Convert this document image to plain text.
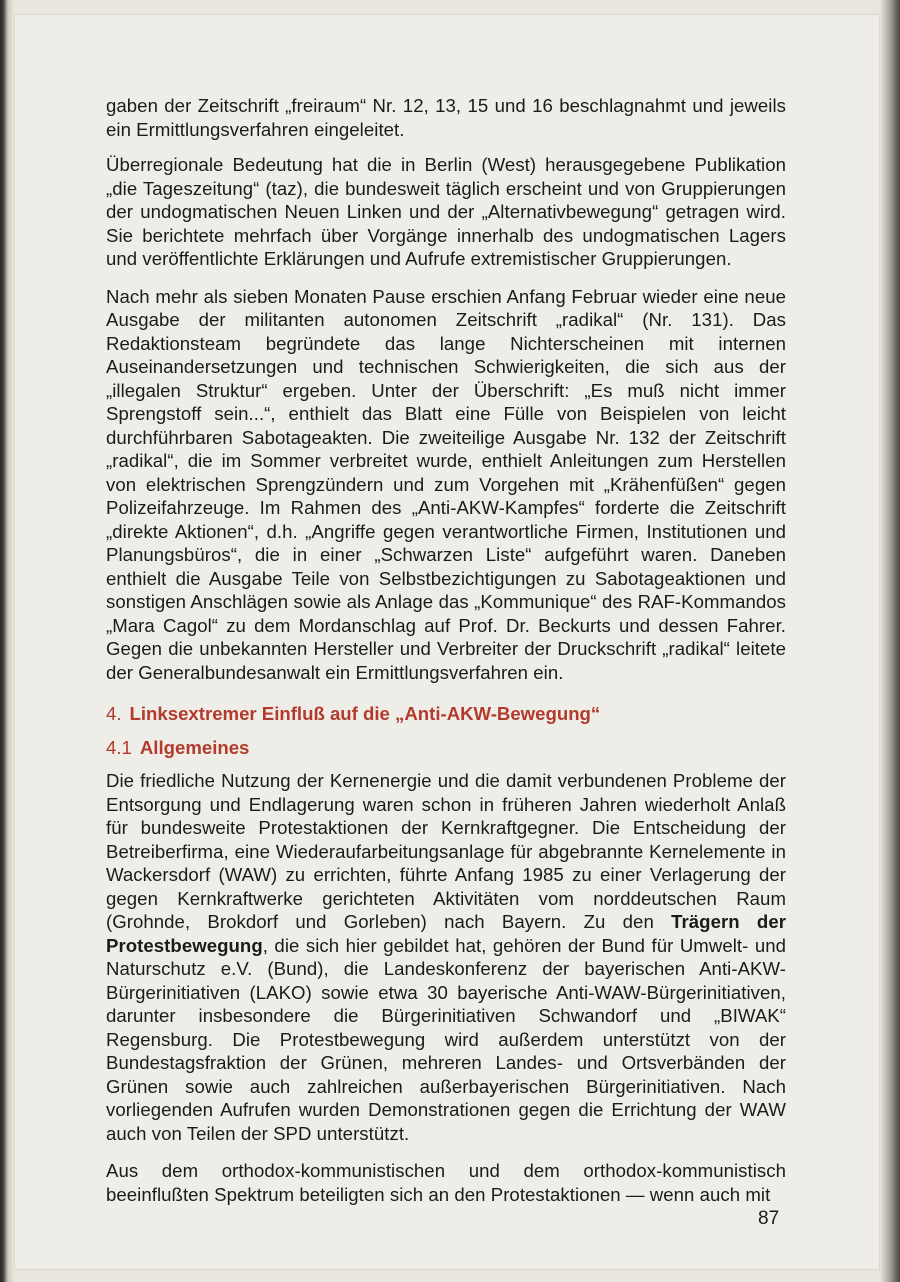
gaben der Zeitschrift „freiraum“ Nr. 12, 13, 15 und 16 beschlagnahmt und jeweils ein Ermittlungsverfahren eingeleitet.

Überregionale Bedeutung hat die in Berlin (West) herausgegebene Publikation „die Tageszeitung“ (taz), die bundesweit täglich erscheint und von Gruppierungen der undogmatischen Neuen Linken und der „Alternativbewegung“ getragen wird. Sie berichtete mehrfach über Vorgänge innerhalb des undogmatischen Lagers und veröffentlichte Erklärungen und Aufrufe extremistischer Gruppierungen.

Nach mehr als sieben Monaten Pause erschien Anfang Februar wieder eine neue Ausgabe der militanten autonomen Zeitschrift „radikal“ (Nr. 131). Das Redaktionsteam begründete das lange Nichterscheinen mit internen Auseinandersetzungen und technischen Schwierigkeiten, die sich aus der „illegalen Struktur“ ergeben. Unter der Überschrift: „Es muß nicht immer Sprengstoff sein...“, enthielt das Blatt eine Fülle von Beispielen von leicht durchführbaren Sabotageakten. Die zweiteilige Ausgabe Nr. 132 der Zeitschrift „radikal“, die im Sommer verbreitet wurde, enthielt Anleitungen zum Herstellen von elektrischen Sprengzündern und zum Vorgehen mit „Krähenfüßen“ gegen Polizeifahrzeuge. Im Rahmen des „Anti-AKW-Kampfes“ forderte die Zeitschrift „direkte Aktionen“, d.h. „Angriffe gegen verantwortliche Firmen, Institutionen und Planungsbüros“, die in einer „Schwarzen Liste“ aufgeführt waren. Daneben enthielt die Ausgabe Teile von Selbstbezichtigungen zu Sabotageaktionen und sonstigen Anschlägen sowie als Anlage das „Kommunique“ des RAF-Kommandos „Mara Cagol“ zu dem Mordanschlag auf Prof. Dr. Beckurts und dessen Fahrer. Gegen die unbekannten Hersteller und Verbreiter der Druckschrift „radikal“ leitete der Generalbundesanwalt ein Ermittlungsverfahren ein.

4. Linksextremer Einfluß auf die „Anti-AKW-Bewegung“
4.1 Allgemeines

Die friedliche Nutzung der Kernenergie und die damit verbundenen Probleme der Entsorgung und Endlagerung waren schon in früheren Jahren wiederholt Anlaß für bundesweite Protestaktionen der Kernkraftgegner. Die Entscheidung der Betreiberfirma, eine Wiederaufarbeitungsanlage für abgebrannte Kernelemente in Wackersdorf (WAW) zu errichten, führte Anfang 1985 zu einer Verlagerung der gegen Kernkraftwerke gerichteten Aktivitäten vom norddeutschen Raum (Grohnde, Brokdorf und Gorleben) nach Bayern. Zu den Trägern der Protestbewegung, die sich hier gebildet hat, gehören der Bund für Umwelt- und Naturschutz e.V. (Bund), die Landeskonferenz der bayerischen Anti-AKW-Bürgerinitiativen (LAKO) sowie etwa 30 bayerische Anti-WAW-Bürgerinitiativen, darunter insbesondere die Bürgerinitiativen Schwandorf und „BIWAK“ Regensburg. Die Protestbewegung wird außerdem unterstützt von der Bundestagsfraktion der Grünen, mehreren Landes- und Ortsverbänden der Grünen sowie auch zahlreichen außerbayerischen Bürgerinitiativen. Nach vorliegenden Aufrufen wurden Demonstrationen gegen die Errichtung der WAW auch von Teilen der SPD unterstützt.

Aus dem orthodox-kommunistischen und dem orthodox-kommunistisch beeinflußten Spektrum beteiligten sich an den Protestaktionen — wenn auch mit

87
